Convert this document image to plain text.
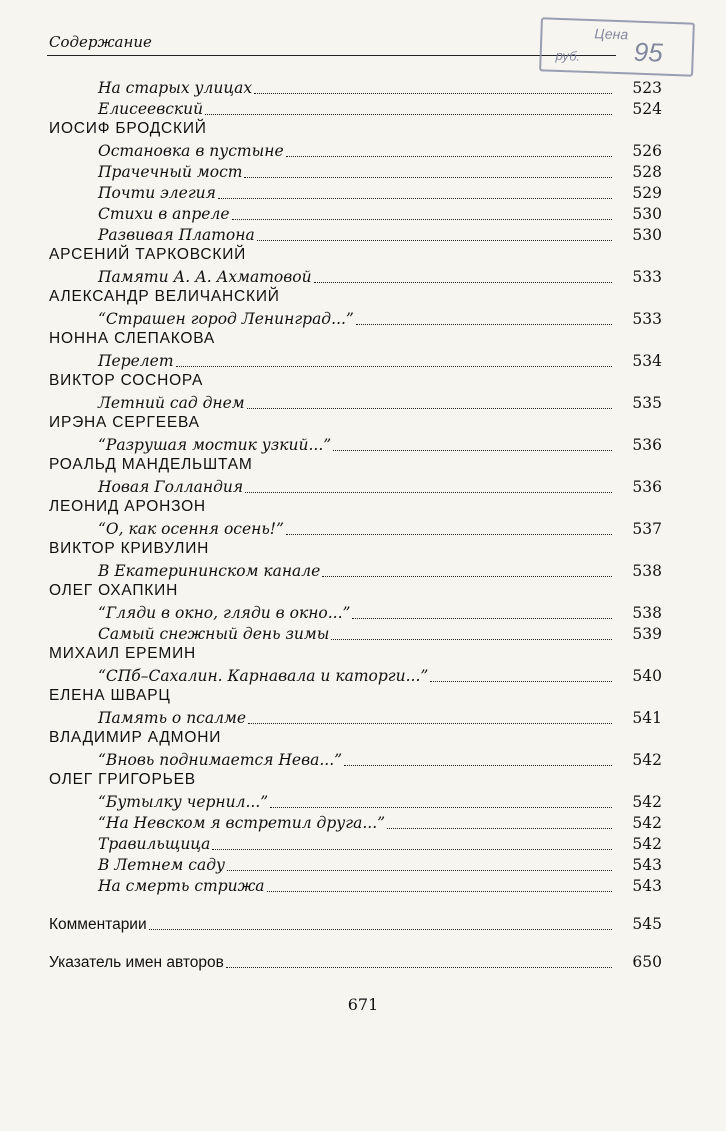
Содержание	Цена
95
руб.
На старых улицах	523
Елисеевский	524
ИОСИФ БРОДСКИЙ
Остановка в пустыне	526
Прачечный мост	528
Почти элегия	529
Стихи в апреле	530
Развивая Платона	530
АРСЕНИЙ ТАРКОВСКИЙ
Памяти А. А. Ахматовой	533
АЛЕКСАНДР ВЕЛИЧАНСКИЙ
“Страшен город Ленинград...”	533
НОННА СЛЕПАКОВА
Перелет	534
ВИКТОР СОСНОРА
Летний сад днем	535
ИРЭНА СЕРГЕЕВА
“Разрушая мостик узкий...”	536
РОАЛЬД МАНДЕЛЬШТАМ
Новая Голландия	536
ЛЕОНИД АРОНЗОН
“О, как осення осень!”	537
ВИКТОР КРИВУЛИН
В Екатерининском канале	538
ОЛЕГ ОХАПКИН
“Гляди в окно, гляди в окно...”	538
Самый снежный день зимы	539
МИХАИЛ ЕРЕМИН
“СПб–Сахалин. Карнавала и каторги...”	540
ЕЛЕНА ШВАРЦ
Память о псалме	541
ВЛАДИМИР АДМОНИ
“Вновь поднимается Нева...”	542
ОЛЕГ ГРИГОРЬЕВ
“Бутылку чернил...”	542
“На Невском я встретил друга...”	542
Травильщица	542
В Летнем саду	543
На смерть стрижа	543
Комментарии	545
Указатель имен авторов	650
671
